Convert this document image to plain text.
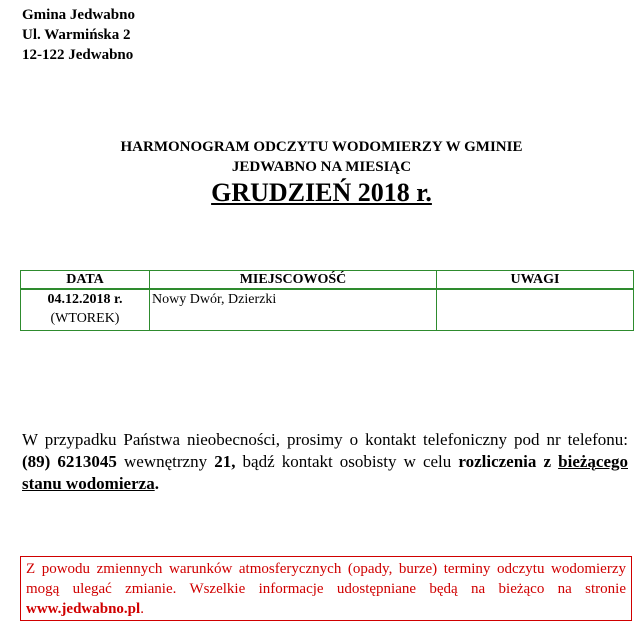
Gmina Jedwabno
Ul. Warmińska 2
12-122 Jedwabno
HARMONOGRAM ODCZYTU WODOMIERZY W GMINIE
JEDWABNO NA MIESIĄC
GRUDZIEŃ 2018 r.
DATA	MIEJSCOWOŚĆ	UWAGI

04.12.2018 r.
(WTOREK)	Nowy Dwór, Dzierzki	
W przypadku Państwa nieobecności, prosimy o kontakt telefoniczny pod nr telefonu: (89) 6213045 wewnętrzny 21, bądź kontakt osobisty w celu rozliczenia z bieżącego stanu wodomierza.
Z powodu zmiennych warunków atmosferycznych (opady, burze) terminy odczytu wodomierzy mogą ulegać zmianie. Wszelkie informacje udostępniane będą na bieżąco na stronie www.jedwabno.pl.
